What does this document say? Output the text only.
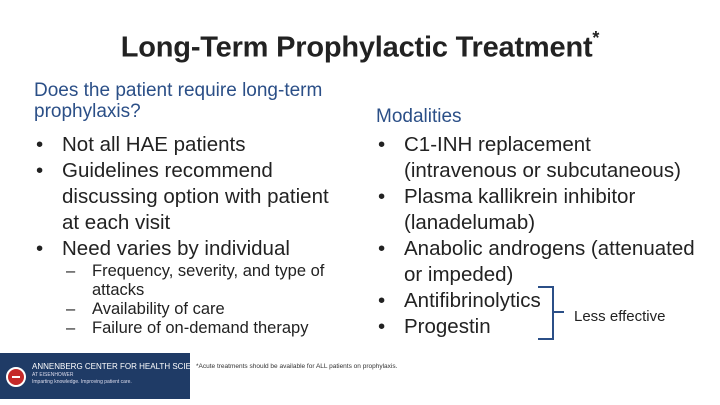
Long-Term Prophylactic Treatment*
Does the patient require long-term prophylaxis?
• Not all HAE patients
• Guidelines recommend discussing option with patient at each visit
• Need varies by individual
– Frequency, severity, and type of attacks
– Availability of care
– Failure of on-demand therapy
Modalities
• C1-INH replacement (intravenous or subcutaneous)
• Plasma kallikrein inhibitor (lanadelumab)
• Anabolic androgens (attenuated or impeded)
• Antifibrinolytics
• Progestin	Less effective
ANNENBERG CENTER FOR HEALTH SCIENCES
AT EISENHOWER
Imparting knowledge. Improving patient care.
*Acute treatments should be available for ALL patients on prophylaxis.
